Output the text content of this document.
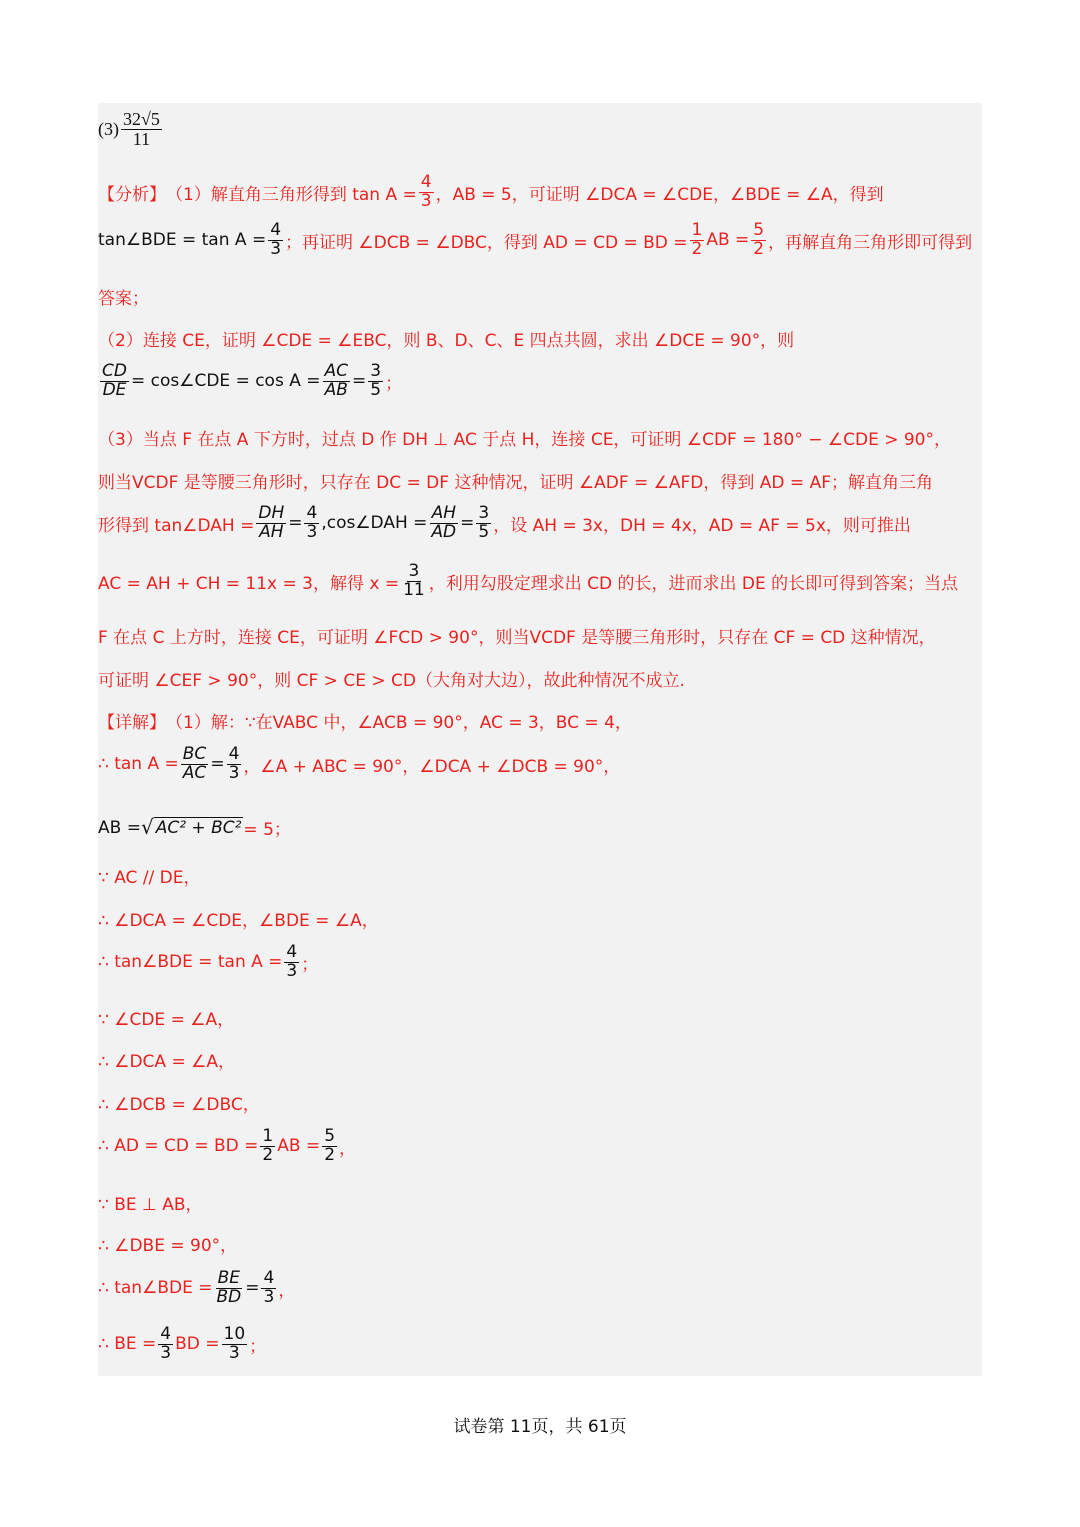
$(3) \frac{32√5}{11}$
【分析】 （1）解直角三角形得到 $\tan A = \frac{4}{3}$ ，AB = 5，可证明 ∠DCA = ∠CDE，∠BDE = ∠A，得到
tan∠BDE = $\tan A = \frac{4}{3}$ ；再证明 ∠DCB = ∠DBC，得到 AD = CD = BD = $\frac{1}{2}$ AB = $\frac{5}{2}$ ，再解直角三角形即可得到
答案；
（2）连接 CE，证明 ∠CDE = ∠EBC，则 B、D、C、E 四点共圆，求出 ∠DCE = 90°，则
$\frac{CD}{DE}$ = cos∠CDE = $\cos A = \frac{AC}{AB} = \frac{3}{5}$ ；
（3）当点 F 在点 A 下方时，过点 D 作 DH ⊥ AC 于点 H，连接 CE，可证明 ∠CDF = 180° − ∠CDE > 90°，
则当VCDF 是等腰三角形时，只存在 DC = DF 这种情况，证明 ∠ADF = ∠AFD，得到 AD = AF；解直角三角
形得到 tan∠DAH = $\frac{DH}{AH} = \frac{4}{3}$ ,cos∠DAH = $\frac{AH}{AD} = \frac{3}{5}$ ，设 AH = 3x，DH = 4x，AD = AF = 5x，则可推出
AC = AH + CH = 11x = 3，解得 $x = \frac{3}{11}$ ，利用勾股定理求出 CD 的长，进而求出 DE 的长即可得到答案；当点
F 在点 C 上方时，连接 CE，可证明 ∠FCD > 90°，则当VCDF 是等腰三角形时，只存在 CF = CD 这种情况，
可证明 ∠CEF > 90°，则 CF > CE > CD（大角对大边），故此种情况不成立.
【详解】 （1）解：∵在VABC 中，∠ACB = 90°，AC = 3，BC = 4，
∴ $\tan A = \frac{BC}{AC} = \frac{4}{3}$ ，∠A + ABC = 90°，∠DCA + ∠DCB = 90°，
AB = √ AC² + BC² = 5；
∵ AC // DE，
∴ ∠DCA = ∠CDE，∠BDE = ∠A，
∴ tan∠BDE = $\tan A = \frac{4}{3}$ ；
∵ ∠CDE = ∠A，
∴ ∠DCA = ∠A，
∴ ∠DCB = ∠DBC，
∴ AD = CD = BD = $\frac{1}{2}$ AB = $\frac{5}{2}$ ，
∵ BE ⊥ AB，
∴ ∠DBE = 90°，
∴ tan∠BDE = $\frac{BE}{BD} = \frac{4}{3}$ ，
∴ BE = $\frac{4}{3}$ BD = $\frac{10}{3}$ ；
试卷第 11页，共 61页
